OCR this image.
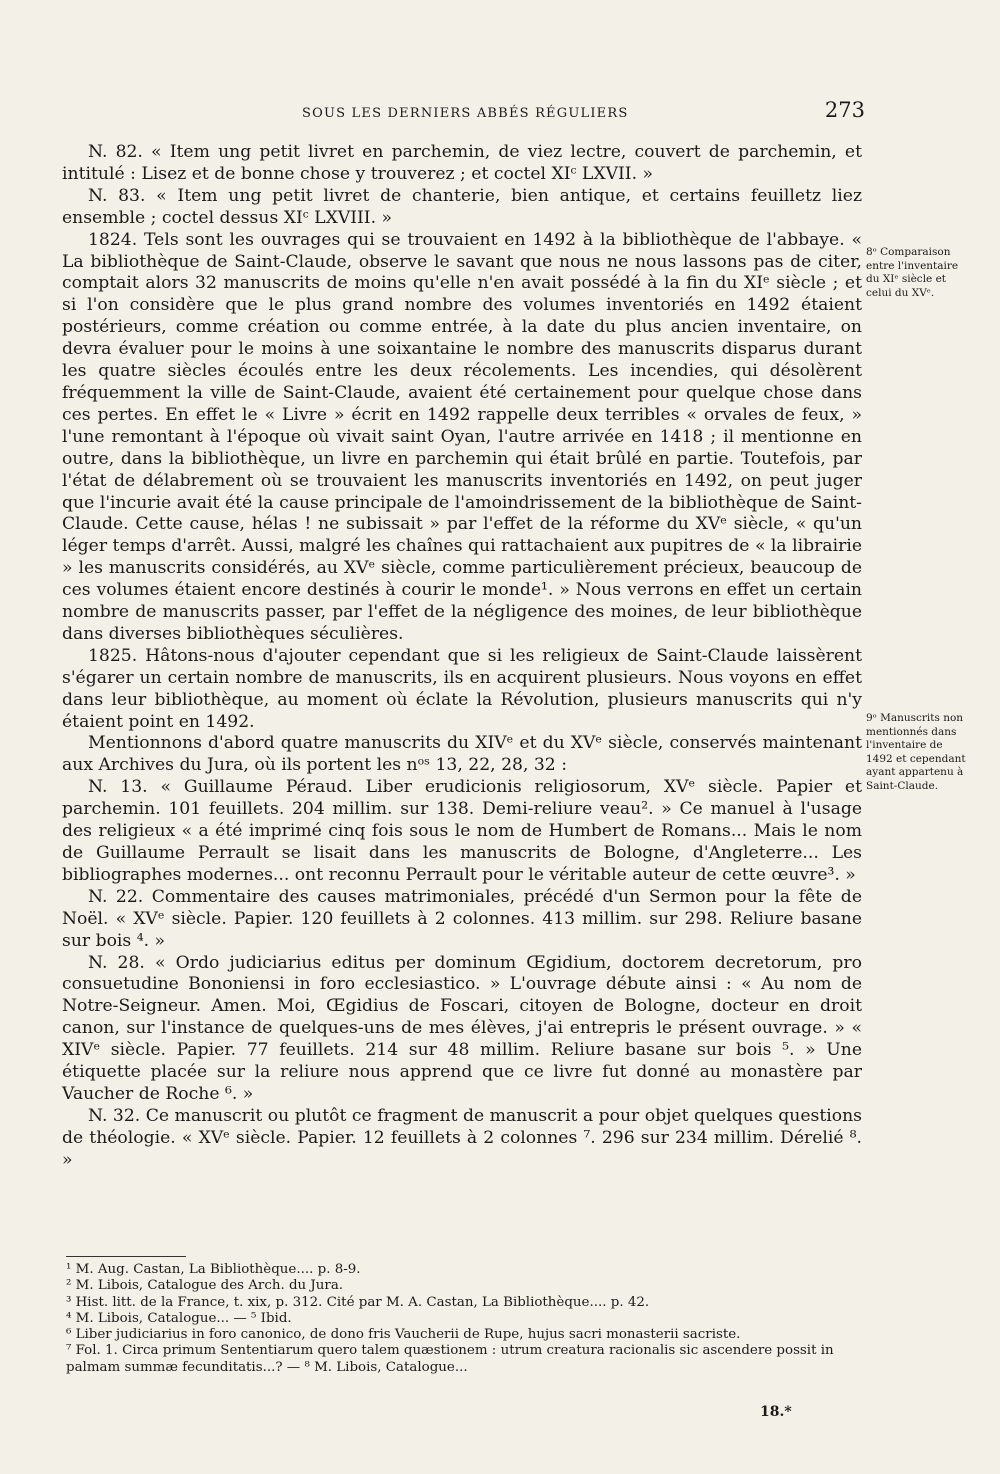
SOUS LES DERNIERS ABBÉS RÉGULIERS	273

N. 82. « Item ung petit livret en parchemin, de viez lectre, couvert de parchemin, et intitulé : Lisez et de bonne chose y trouverez ; et coctel XIᶜ LXVII. »

N. 83. « Item ung petit livret de chanterie, bien antique, et certains feuilletz liez ensemble ; coctel dessus XIᶜ LXVIII. »

1824. Tels sont les ouvrages qui se trouvaient en 1492 à la bibliothèque de l'abbaye. « La bibliothèque de Saint-Claude, observe le savant que nous ne nous lassons pas de citer, comptait alors 32 manuscrits de moins qu'elle n'en avait possédé à la fin du XIᵉ siècle ; et si l'on considère que le plus grand nombre des volumes inventoriés en 1492 étaient postérieurs, comme création ou comme entrée, à la date du plus ancien inventaire, on devra évaluer pour le moins à une soixantaine le nombre des manuscrits disparus durant les quatre siècles écoulés entre les deux récolements. Les incendies, qui désolèrent fréquemment la ville de Saint-Claude, avaient été certainement pour quelque chose dans ces pertes. En effet le « Livre » écrit en 1492 rappelle deux terribles « orvales de feux, » l'une remontant à l'époque où vivait saint Oyan, l'autre arrivée en 1418 ; il mentionne en outre, dans la bibliothèque, un livre en parchemin qui était brûlé en partie. Toutefois, par l'état de délabrement où se trouvaient les manuscrits inventoriés en 1492, on peut juger que l'incurie avait été la cause principale de l'amoindrissement de la bibliothèque de Saint-Claude. Cette cause, hélas ! ne subissait » par l'effet de la réforme du XVᵉ siècle, « qu'un léger temps d'arrêt. Aussi, malgré les chaînes qui rattachaient aux pupitres de « la librairie » les manuscrits considérés, au XVᵉ siècle, comme particulièrement précieux, beaucoup de ces volumes étaient encore destinés à courir le monde¹. » Nous verrons en effet un certain nombre de manuscrits passer, par l'effet de la négligence des moines, de leur bibliothèque dans diverses bibliothèques séculières.

1825. Hâtons-nous d'ajouter cependant que si les religieux de Saint-Claude laissèrent s'égarer un certain nombre de manuscrits, ils en acquirent plusieurs. Nous voyons en effet dans leur bibliothèque, au moment où éclate la Révolution, plusieurs manuscrits qui n'y étaient point en 1492.

Mentionnons d'abord quatre manuscrits du XIVᵉ et du XVᵉ siècle, conservés maintenant aux Archives du Jura, où ils portent les nᵒˢ 13, 22, 28, 32 :

N. 13. « Guillaume Péraud. Liber erudicionis religiosorum, XVᵉ siècle. Papier et parchemin. 101 feuillets. 204 millim. sur 138. Demi-reliure veau². » Ce manuel à l'usage des religieux « a été imprimé cinq fois sous le nom de Humbert de Romans... Mais le nom de Guillaume Perrault se lisait dans les manuscrits de Bologne, d'Angleterre... Les bibliographes modernes... ont reconnu Perrault pour le véritable auteur de cette œuvre³. »

N. 22. Commentaire des causes matrimoniales, précédé d'un Sermon pour la fête de Noël. « XVᵉ siècle. Papier. 120 feuillets à 2 colonnes. 413 millim. sur 298. Reliure basane sur bois ⁴. »

N. 28. « Ordo judiciarius editus per dominum Œgidium, doctorem decretorum, pro consuetudine Bononiensi in foro ecclesiastico. » L'ouvrage débute ainsi : « Au nom de Notre-Seigneur. Amen. Moi, Œgidius de Foscari, citoyen de Bologne, docteur en droit canon, sur l'instance de quelques-uns de mes élèves, j'ai entrepris le présent ouvrage. » « XIVᵉ siècle. Papier. 77 feuillets. 214 sur 48 millim. Reliure basane sur bois ⁵. » Une étiquette placée sur la reliure nous apprend que ce livre fut donné au monastère par Vaucher de Roche ⁶. »

N. 32. Ce manuscrit ou plutôt ce fragment de manuscrit a pour objet quelques questions de théologie. « XVᵉ siècle. Papier. 12 feuillets à 2 colonnes ⁷. 296 sur 234 millim. Dérelié ⁸. »

8ᵒ Comparaison entre l'inventaire du XIᵉ siècle et celui du XVᵉ.
9ᵒ Manuscrits non mentionnés dans l'inventaire de 1492 et cependant ayant appartenu à Saint-Claude.

¹ M. Aug. Castan, La Bibliothèque.... p. 8-9.

² M. Libois, Catalogue des Arch. du Jura.

³ Hist. litt. de la France, t. xix, p. 312. Cité par M. A. Castan, La Bibliothèque.... p. 42.

⁴ M. Libois, Catalogue... — ⁵ Ibid.

⁶ Liber judiciarius in foro canonico, de dono fris Vaucherii de Rupe, hujus sacri monasterii sacriste.

⁷ Fol. 1. Circa primum Sententiarum quero talem quæstionem : utrum creatura racionalis sic ascendere possit in palmam summæ fecunditatis...? — ⁸ M. Libois, Catalogue...

18.*
